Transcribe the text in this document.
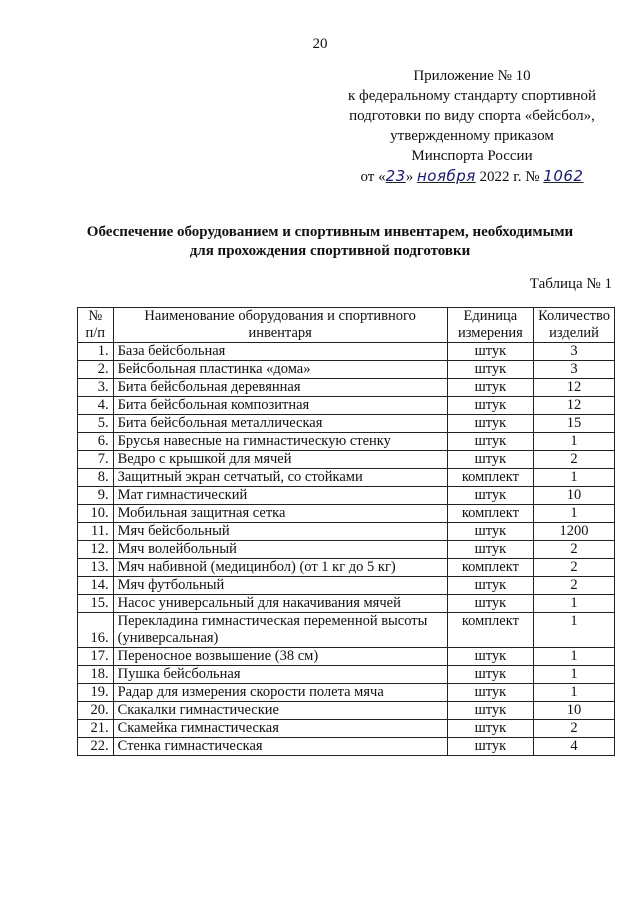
20
Приложение № 10
к федеральному стандарту спортивной
подготовки по виду спорта «бейсбол»,
утвержденному приказом
Минспорта России
от «23» ноября 2022 г. № 1062
Обеспечение оборудованием и спортивным инвентарем, необходимыми
для прохождения спортивной подготовки
Таблица № 1
№ п/п	Наименование оборудования и спортивного инвентаря	Единица измерения	Количество изделий
1.	База бейсбольная	штук	3
2.	Бейсбольная пластинка «дома»	штук	3
3.	Бита бейсбольная деревянная	штук	12
4.	Бита бейсбольная композитная	штук	12
5.	Бита бейсбольная металлическая	штук	15
6.	Брусья навесные на гимнастическую стенку	штук	1
7.	Ведро с крышкой для мячей	штук	2
8.	Защитный экран сетчатый, со стойками	комплект	1
9.	Мат гимнастический	штук	10
10.	Мобильная защитная сетка	комплект	1
11.	Мяч бейсбольный	штук	1200
12.	Мяч волейбольный	штук	2
13.	Мяч набивной (медицинбол) (от 1 кг до 5 кг)	комплект	2
14.	Мяч футбольный	штук	2
15.	Насос универсальный для накачивания мячей	штук	1
16.	Перекладина гимнастическая переменной высоты (универсальная)	комплект	1
17.	Переносное возвышение (38 см)	штук	1
18.	Пушка бейсбольная	штук	1
19.	Радар для измерения скорости полета мяча	штук	1
20.	Скакалки гимнастические	штук	10
21.	Скамейка гимнастическая	штук	2
22.	Стенка гимнастическая	штук	4
